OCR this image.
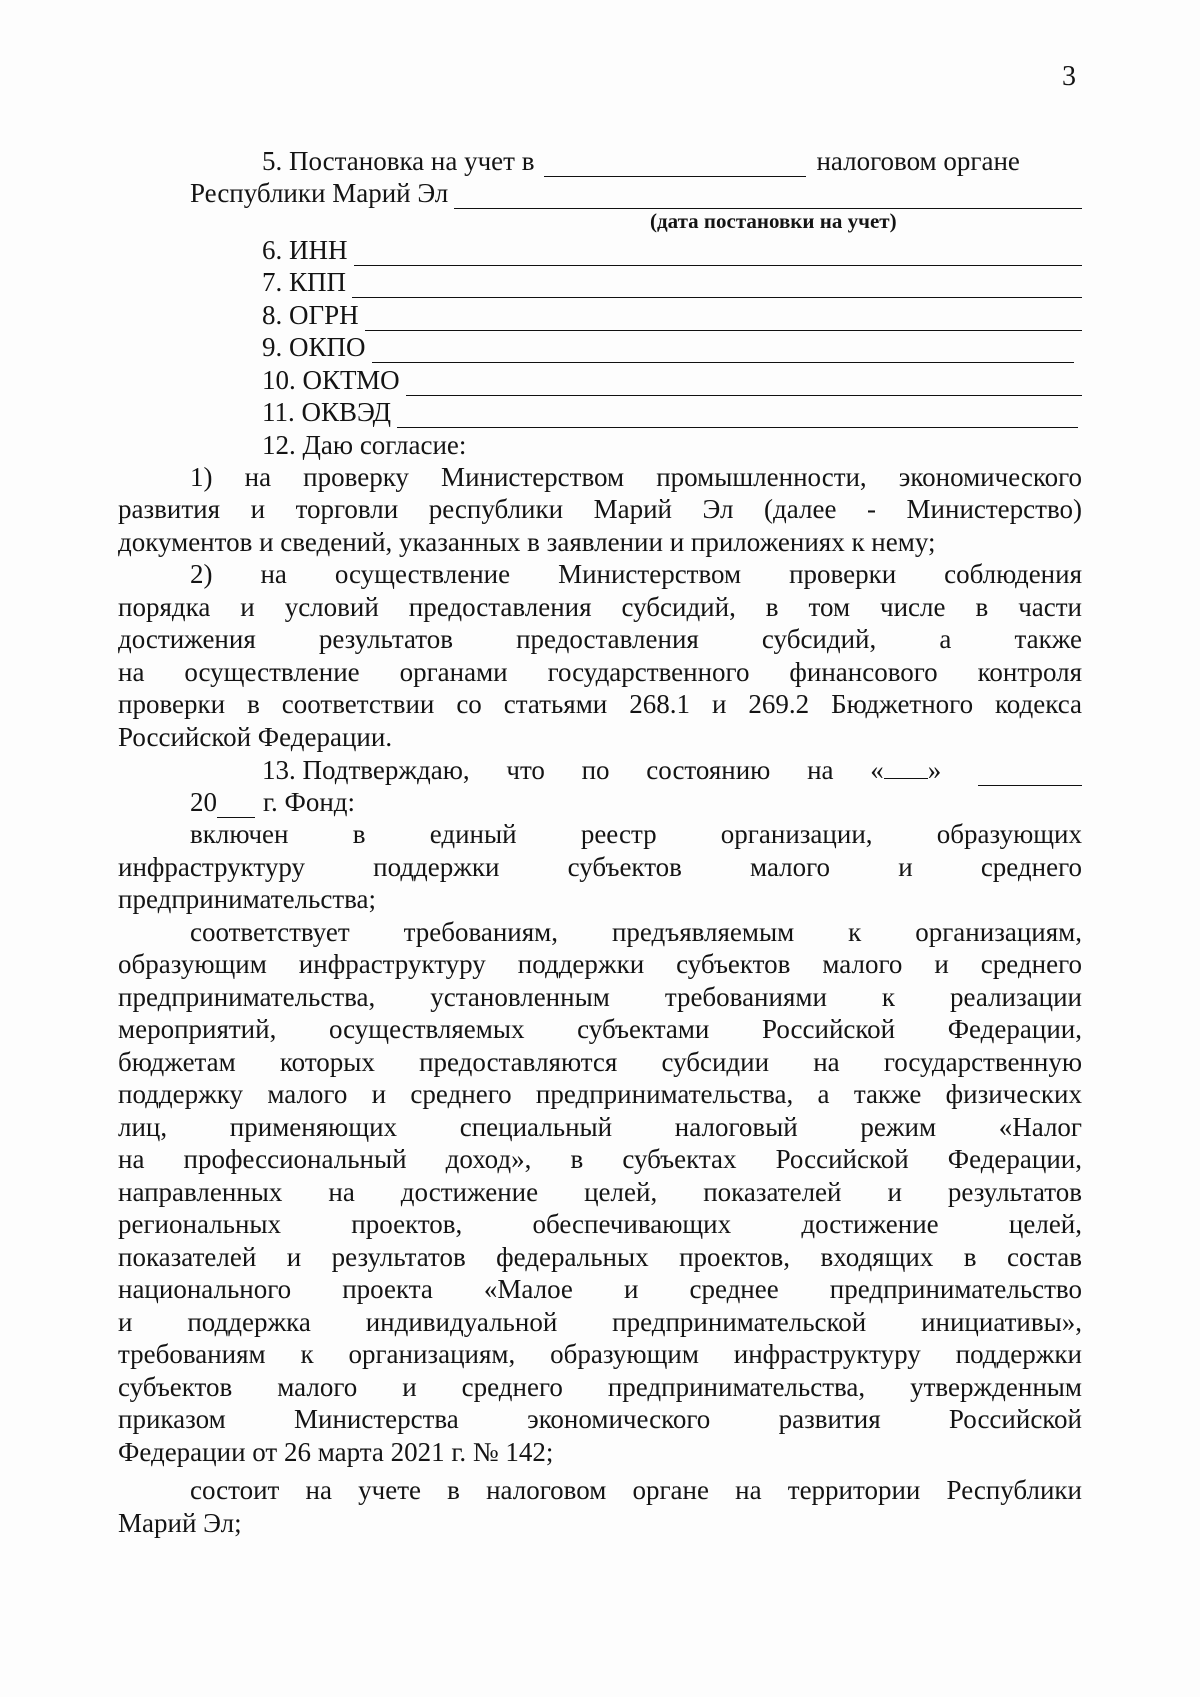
3
5. Постановка на учет в	налоговом органе
Республики Марий Эл
(дата постановки на учет)
6. ИНН
7. КПП
8. ОГРН
9. ОКПО
10. ОКТМО
11. ОКВЭД
12. Даю согласие:

1) на проверку Министерством промышленности, экономического
развития и торговли республики Марий Эл (далее - Министерство)
документов и сведений, указанных в заявлении и приложениях к нему;

2) на осуществление Министерством проверки соблюдения
порядка и условий предоставления субсидий, в том числе в части
достижения результатов предоставления субсидий, а также
на осуществление органами государственного финансового контроля
проверки в соответствии со статьями 268.1 и 269.2 Бюджетного кодекса
Российской Федерации.

13. Подтверждаю, что по состоянию на « »
20 г. Фонд:

включен в единый реестр организации, образующих
инфраструктуру поддержки субъектов малого и среднего
предпринимательства;

соответствует требованиям, предъявляемым к организациям,
образующим инфраструктуру поддержки субъектов малого и среднего
предпринимательства, установленным требованиями к реализации
мероприятий, осуществляемых субъектами Российской Федерации,
бюджетам которых предоставляются субсидии на государственную
поддержку малого и среднего предпринимательства, а также физических
лиц, применяющих специальный налоговый режим «Налог
на профессиональный доход», в субъектах Российской Федерации,
направленных на достижение целей, показателей и результатов
региональных проектов, обеспечивающих достижение целей,
показателей и результатов федеральных проектов, входящих в состав
национального проекта «Малое и среднее предпринимательство
и поддержка индивидуальной предпринимательской инициативы»,
требованиям к организациям, образующим инфраструктуру поддержки
субъектов малого и среднего предпринимательства, утвержденным
приказом Министерства экономического развития Российской
Федерации от 26 марта 2021 г. № 142;

состоит на учете в налоговом органе на территории Республики
Марий Эл;
